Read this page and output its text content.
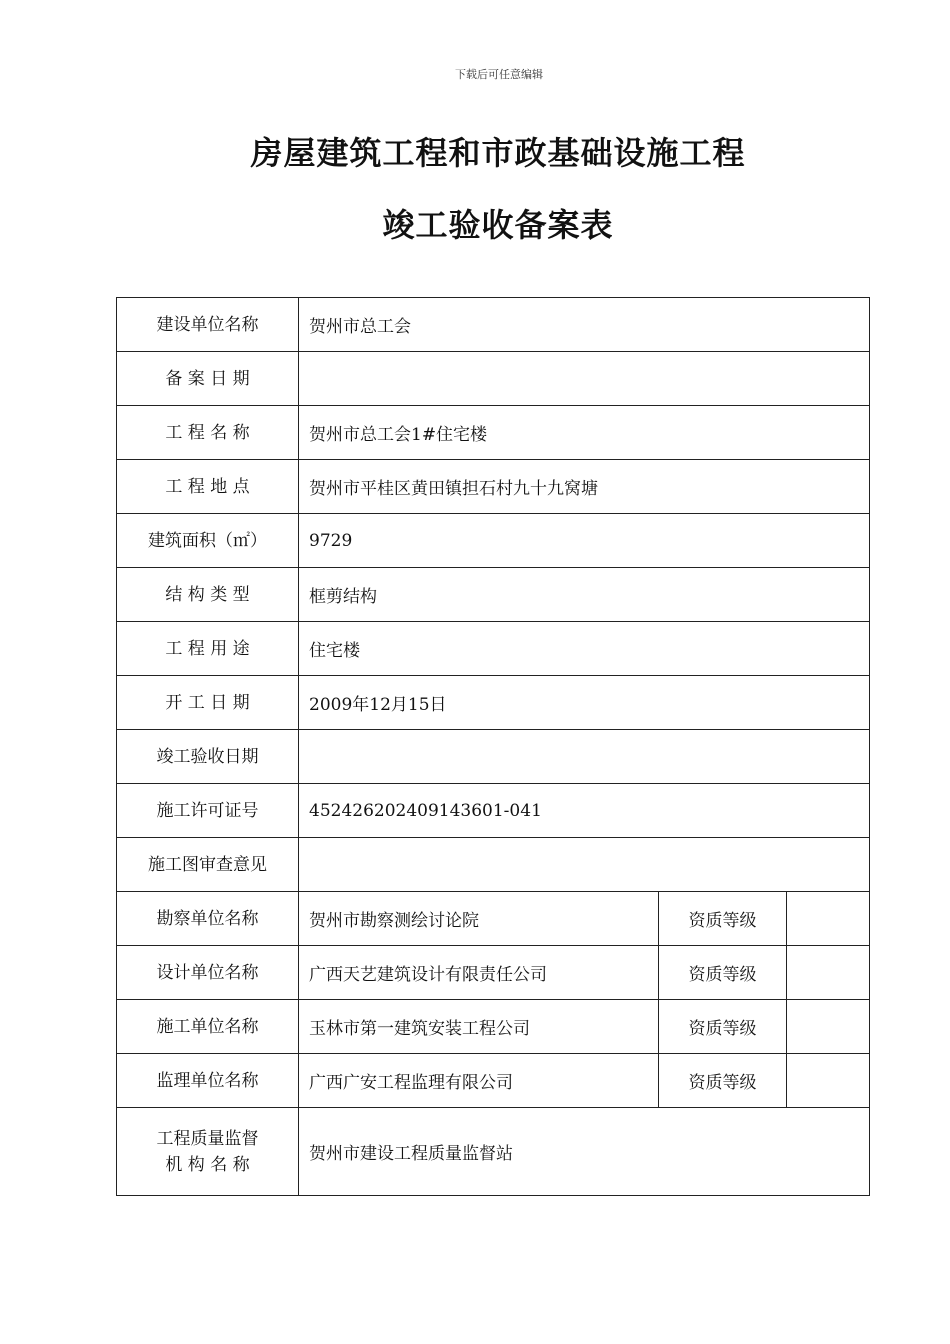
下载后可任意编辑
房屋建筑工程和市政基础设施工程
竣工验收备案表
建设单位名称	贺州市总工会		
备 案 日 期			
工 程 名 称	贺州市总工会1#住宅楼		
工 程 地 点	贺州市平桂区黄田镇担石村九十九窝塘		
建筑面积（㎡）	9729		
结 构 类 型	框剪结构		
工 程 用 途	住宅楼		
开 工 日 期	2009年12月15日		
竣工验收日期			
施工许可证号	452426202409143601-041		
施工图审查意见			
勘察单位名称	贺州市勘察测绘讨论院	资质等级	
设计单位名称	广西天艺建筑设计有限责任公司	资质等级	
施工单位名称	玉林市第一建筑安装工程公司	资质等级	
监理单位名称	广西广安工程监理有限公司	资质等级	

工程质量监督
机 构 名 称	贺州市建设工程质量监督站		
